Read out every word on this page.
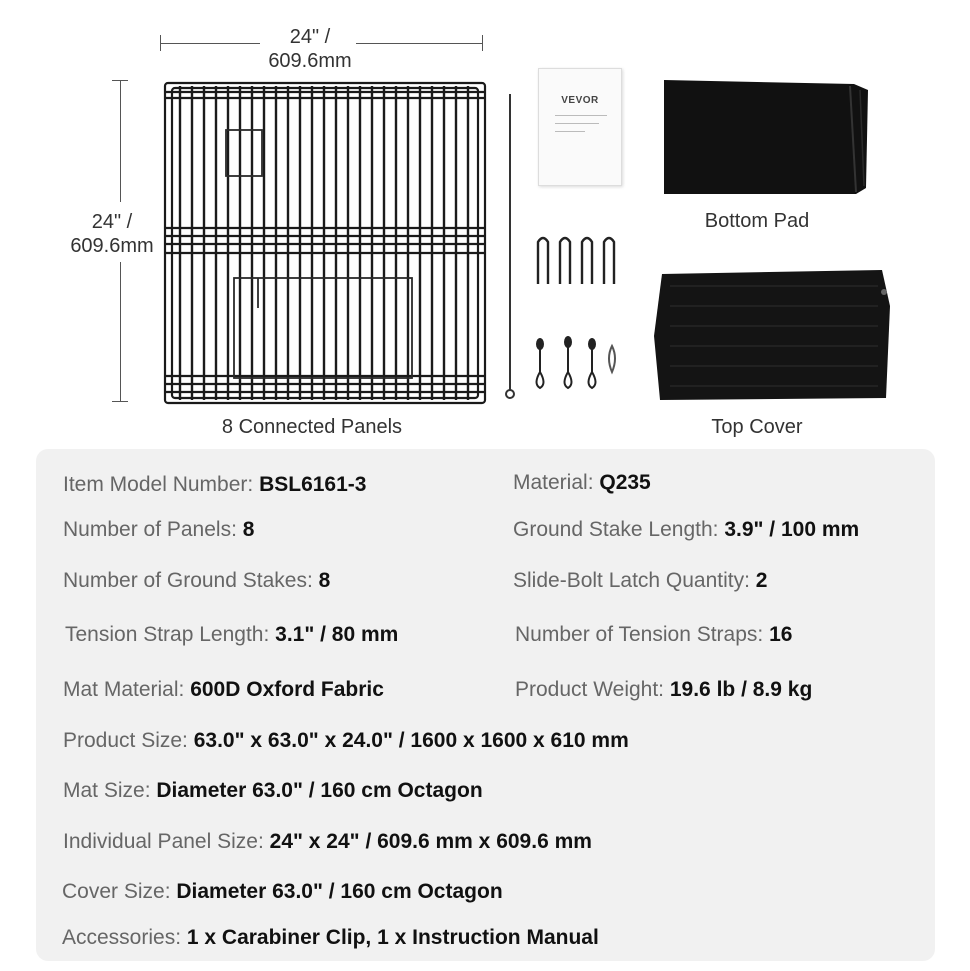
24" /
609.6mm
24" /
609.6mm
VEVOR
Bottom Pad
Top Cover
8 Connected Panels
Item Model Number: BSL6161-3	Material: Q235
Number of Panels: 8	Ground Stake Length: 3.9" / 100 mm
Number of Ground Stakes: 8	Slide-Bolt Latch Quantity: 2
Tension Strap Length: 3.1" / 80 mm	Number of Tension Straps: 16
Mat Material: 600D Oxford Fabric	Product Weight: 19.6 lb / 8.9 kg
Product Size: 63.0" x 63.0" x 24.0" / 1600 x 1600 x 610 mm
Mat Size: Diameter 63.0" / 160 cm Octagon
Individual Panel Size: 24" x 24" / 609.6 mm x 609.6 mm
Cover Size: Diameter 63.0" / 160 cm Octagon
Accessories: 1 x Carabiner Clip, 1 x Instruction Manual
